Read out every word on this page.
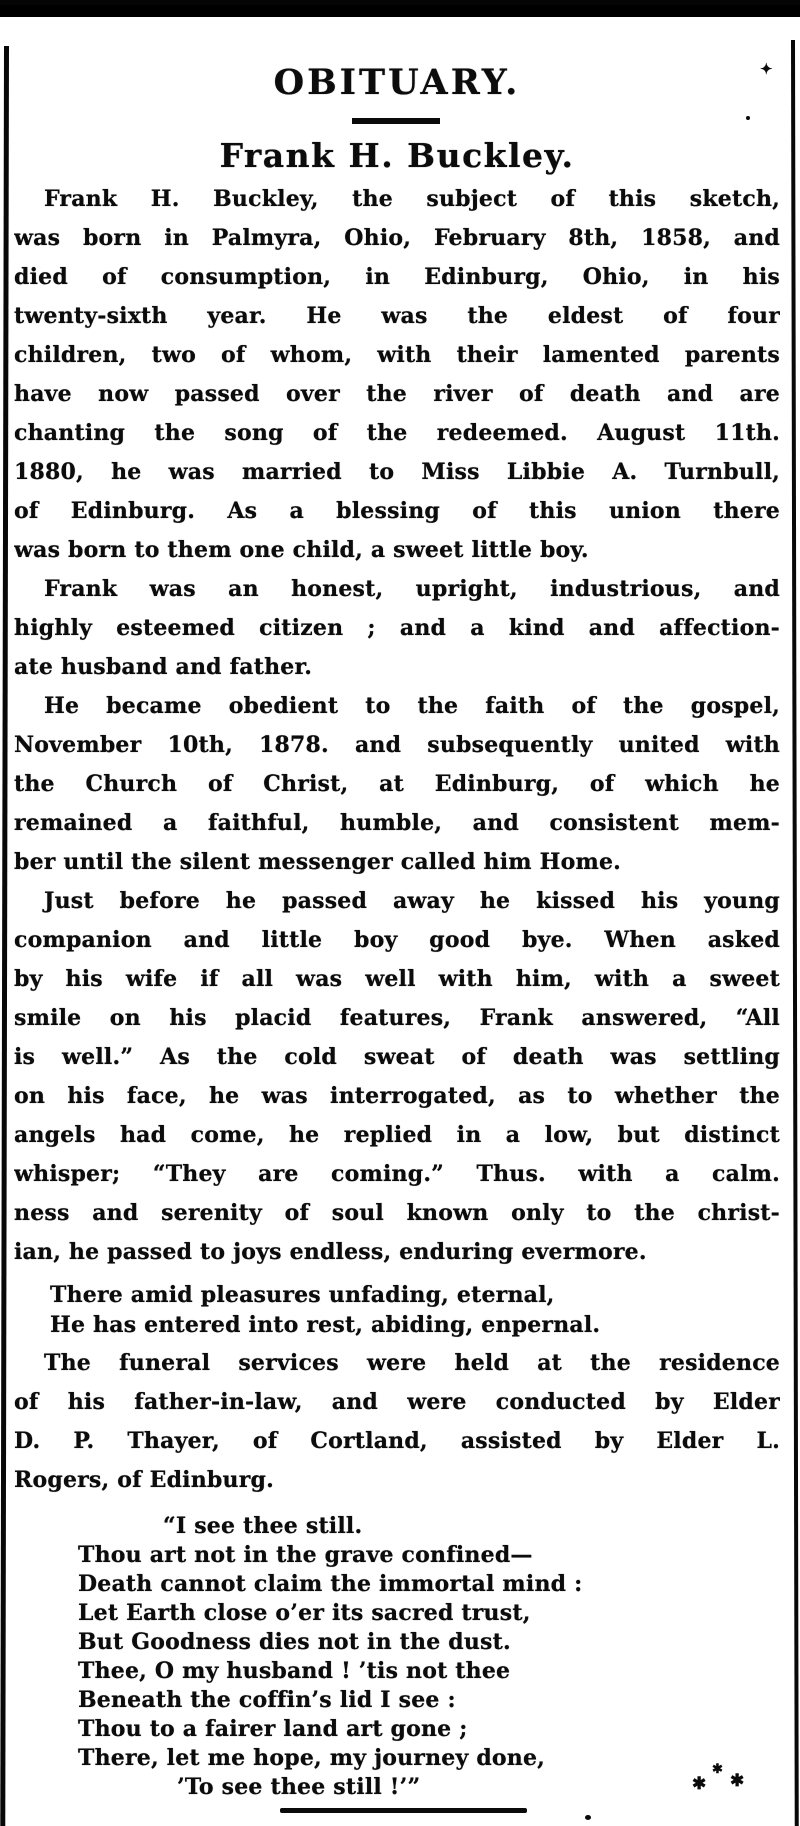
OBITUARY.	✦
Frank H. Buckley.
Frank H. Buckley, the subject of this sketch,
was born in Palmyra, Ohio, February 8th, 1858, and
died of consumption, in Edinburg, Ohio, in his
twenty-sixth year. He was the eldest of four
children, two of whom, with their lamented parents
have now passed over the river of death and are
chanting the song of the redeemed. August 11th.
1880, he was married to Miss Libbie A. Turnbull,
of Edinburg. As a blessing of this union there
was born to them one child, a sweet little boy.
Frank was an honest, upright, industrious, and
highly esteemed citizen ; and a kind and affection-
ate husband and father.
He became obedient to the faith of the gospel,
November 10th, 1878. and subsequently united with
the Church of Christ, at Edinburg, of which he
remained a faithful, humble, and consistent mem-
ber until the silent messenger called him Home.
Just before he passed away he kissed his young
companion and little boy good bye. When asked
by his wife if all was well with him, with a sweet
smile on his placid features, Frank answered, “All
is well.” As the cold sweat of death was settling
on his face, he was interrogated, as to whether the
angels had come, he replied in a low, but distinct
whisper; “They are coming.” Thus. with a calm.
ness and serenity of soul known only to the christ-
ian, he passed to joys endless, enduring evermore.
There amid pleasures unfading, eternal,
He has entered into rest, abiding, enpernal.
The funeral services were held at the residence
of his father-in-law, and were conducted by Elder
D. P. Thayer, of Cortland, assisted by Elder L.
Rogers, of Edinburg.
“I see thee still.
Thou art not in the grave confined—
Death cannot claim the immortal mind :
Let Earth close o’er its sacred trust,
But Goodness dies not in the dust.
Thee, O my husband ! ’tis not thee
Beneath the coffin’s lid I see :
Thou to a fairer land art gone ;
There, let me hope, my journey done,
’To see thee still !’”	✱
✱
✱
